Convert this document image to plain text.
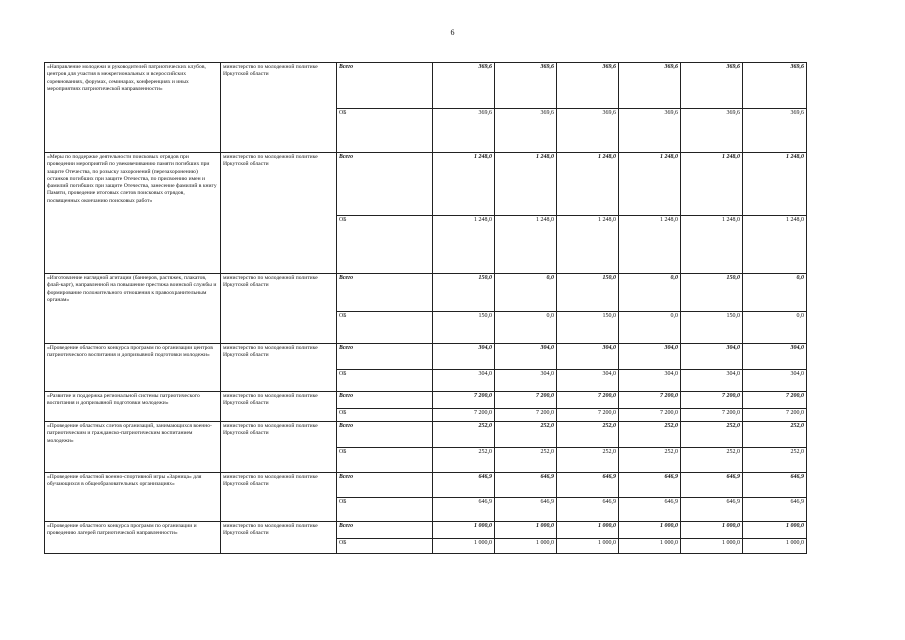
6
«Направление молодежи и руководителей патриотических клубов, центров для участия в межрегиональных и всероссийских соревнованиях, форумах, семинарах, конференциях и иных мероприятиях патриотической направленности»	министерство по молодежной политике Иркутской области	Всего	369,6	369,6	369,6	369,6	369,6	369,6
		ОБ	369,6	369,6	369,6	369,6	369,6	369,6
«Меры по поддержке деятельности поисковых отрядов при проведении мероприятий по увековечиванию памяти погибших при защите Отечества, по розыску захоронений (перезахоронению) останков погибших при защите Отечества, по присвоению имен и фамилий погибших при защите Отечества, занесение фамилий в книгу Памяти, проведение итоговых слетов поисковых отрядов, посвященных окончанию поисковых работ»	министерство по молодежной политике Иркутской области	Всего	1 248,0	1 248,0	1 248,0	1 248,0	1 248,0	1 248,0
		ОБ	1 248,0	1 248,0	1 248,0	1 248,0	1 248,0	1 248,0
«Изготовление наглядной агитации (баннеров, растяжек, плакатов, флай-карт), направленной на повышение престижа воинской службы и формирование положительного отношения к правоохранительным органам»	министерство по молодежной политике Иркутской области	Всего	150,0	0,0	150,0	0,0	150,0	0,0
		ОБ	150,0	0,0	150,0	0,0	150,0	0,0
«Проведение областного конкурса программ по организации центров патриотического воспитания и допризывной подготовки молодежи»	министерство по молодежной политике Иркутской области	Всего	304,0	304,0	304,0	304,0	304,0	304,0
		ОБ	304,0	304,0	304,0	304,0	304,0	304,0
«Развитие и поддержка региональной системы патриотического воспитания и допризывной подготовки молодежи»	министерство по молодежной политике Иркутской области	Всего	7 200,0	7 200,0	7 200,0	7 200,0	7 200,0	7 200,0
		ОБ	7 200,0	7 200,0	7 200,0	7 200,0	7 200,0	7 200,0
«Проведение областных слетов организаций, занимающихся военно-патриотическим и гражданско-патриотическим воспитанием молодежи»	министерство по молодежной политике Иркутской области	Всего	252,0	252,0	252,0	252,0	252,0	252,0
		ОБ	252,0	252,0	252,0	252,0	252,0	252,0
«Проведение областной военно-спортивной игры «Зарница» для обучающихся в общеобразовательных организациях»	министерство по молодежной политике Иркутской области	Всего	646,9	646,9	646,9	646,9	646,9	646,9
		ОБ	646,9	646,9	646,9	646,9	646,9	646,9
«Проведение областного конкурса программ по организации и проведению лагерей патриотической направленности»	министерство по молодежной политике Иркутской области	Всего	1 000,0	1 000,0	1 000,0	1 000,0	1 000,0	1 000,0
		ОБ	1 000,0	1 000,0	1 000,0	1 000,0	1 000,0	1 000,0
